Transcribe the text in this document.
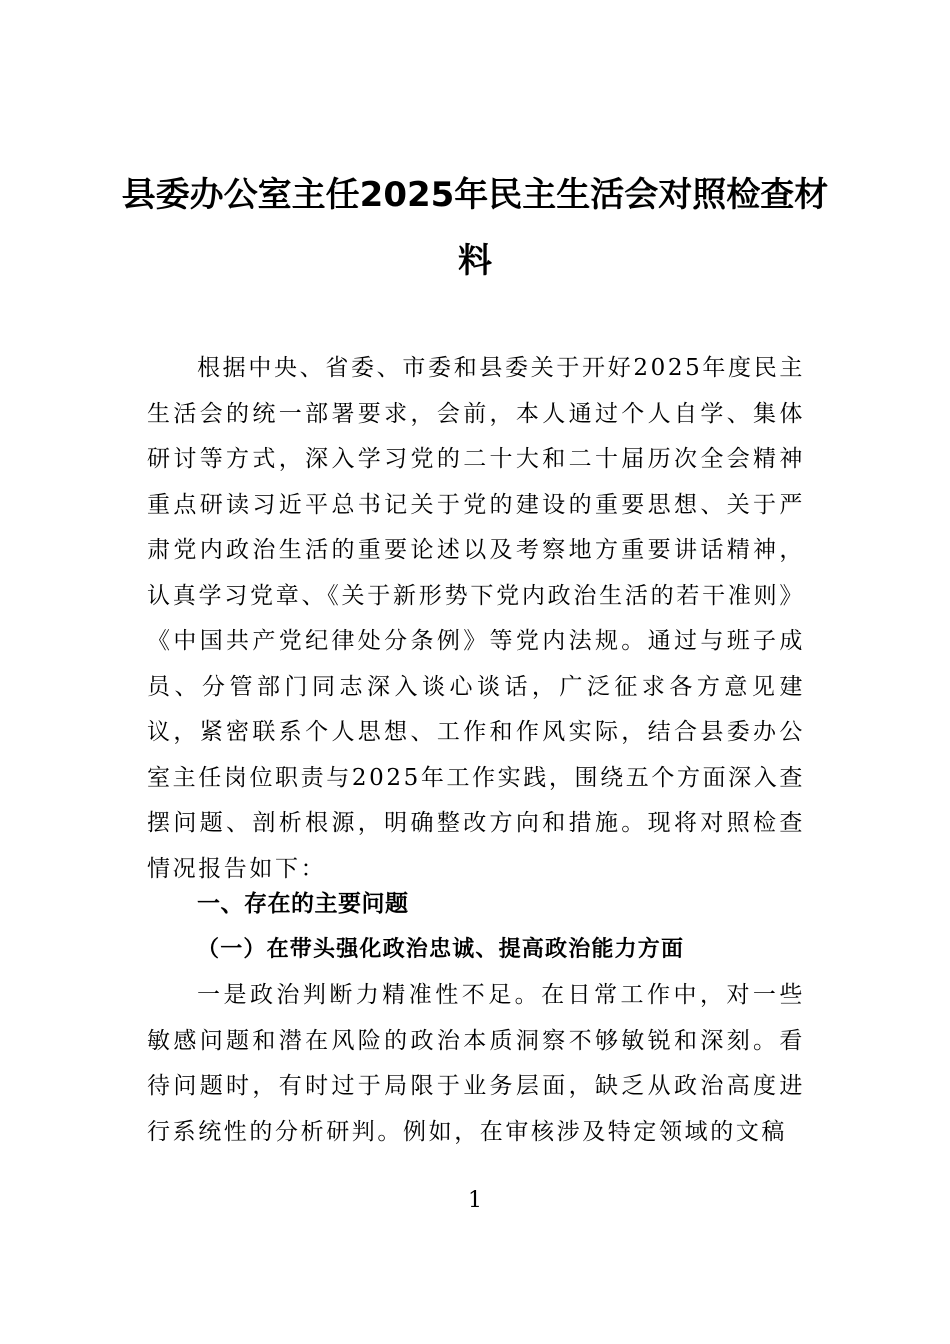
县委办公室主任2025年民主生活会对照检查材料

根据中央、省委、市委和县委关于开好2025年度民主生活会的统一部署要求，会前，本人通过个人自学、集体研讨等方式，深入学习党的二十大和二十届历次全会精神重点研读习近平总书记关于党的建设的重要思想、关于严肃党内政治生活的重要论述以及考察地方重要讲话精神，认真学习党章、《关于新形势下党内政治生活的若干准则》《中国共产党纪律处分条例》等党内法规。通过与班子成员、分管部门同志深入谈心谈话，广泛征求各方意见建议，紧密联系个人思想、工作和作风实际，结合县委办公室主任岗位职责与2025年工作实践，围绕五个方面深入查摆问题、剖析根源，明确整改方向和措施。现将对照检查情况报告如下：

一、存在的主要问题
（一）在带头强化政治忠诚、提高政治能力方面

一是政治判断力精准性不足。在日常工作中，对一些敏感问题和潜在风险的政治本质洞察不够敏锐和深刻。看待问题时，有时过于局限于业务层面，缺乏从政治高度进行系统性的分析研判。例如，在审核涉及特定领域的文稿

1
